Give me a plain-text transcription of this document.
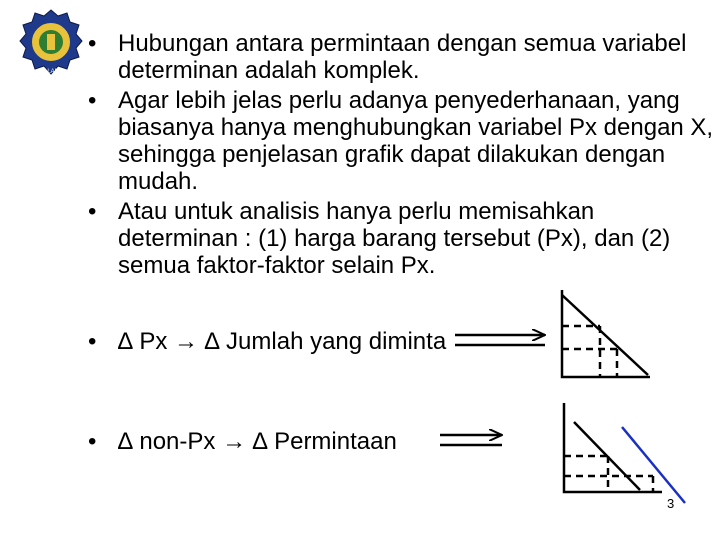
MALANG
• Hubungan antara permintaan dengan semua variabel determinan adalah komplek.
• Agar lebih jelas perlu adanya penyederhanaan, yang biasanya hanya menghubungkan variabel Px dengan X, sehingga penjelasan grafik dapat dilakukan dengan mudah.
• Atau untuk analisis hanya perlu memisahkan determinan : (1) harga barang tersebut (Px), dan (2) semua faktor-faktor selain Px.
• ∆ Px → ∆ Jumlah yang diminta
• ∆ non-Px → ∆ Permintaan
3
